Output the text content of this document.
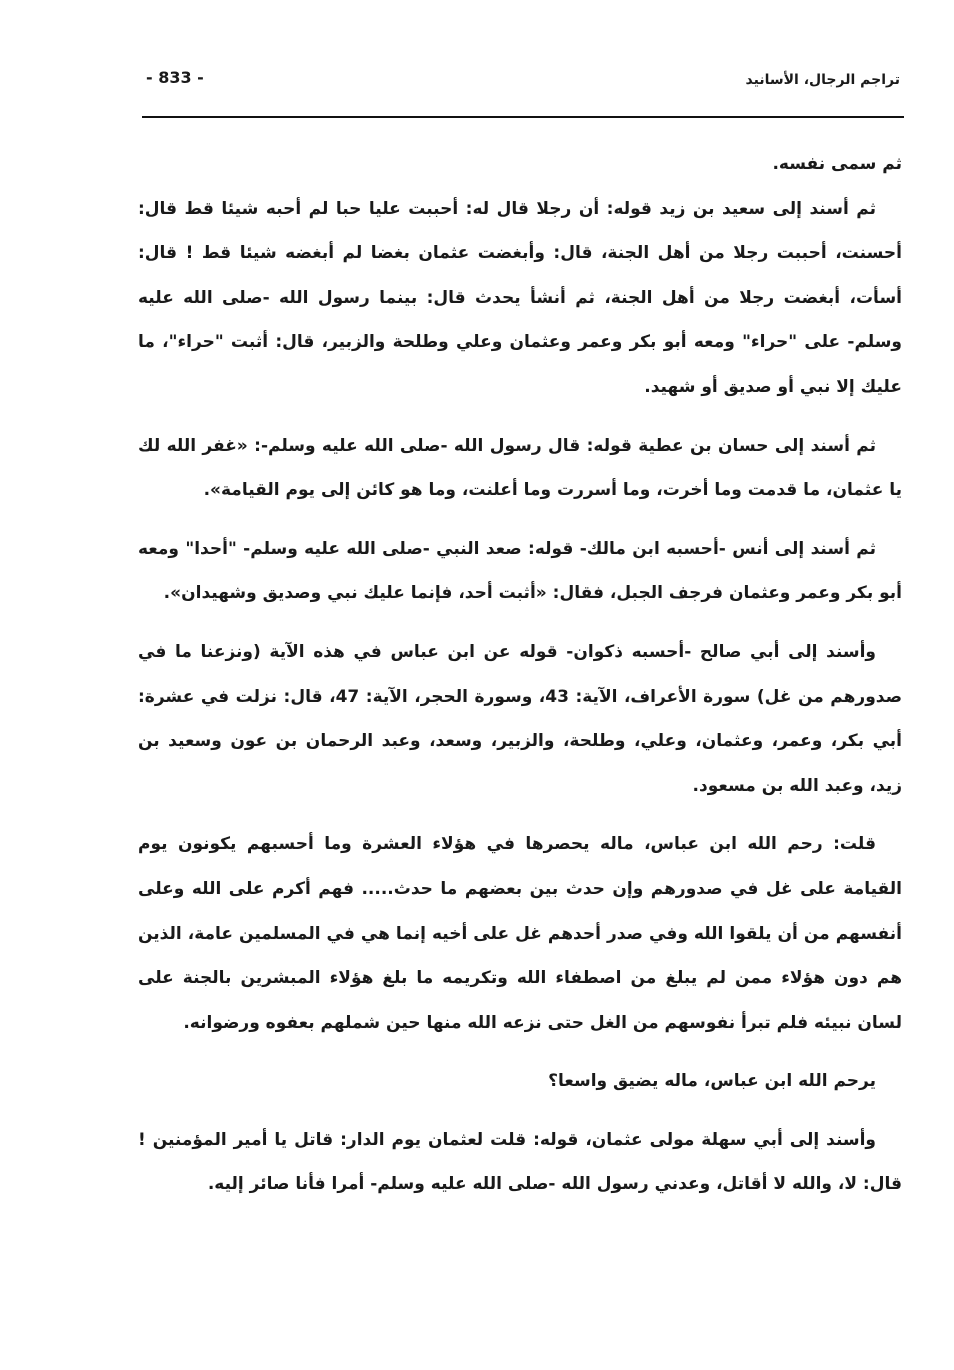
تراجم الرجال، الأسانيد
- 833 -

ثم سمى نفسه.

ثم أسند إلى سعيد بن زيد قوله: أن رجلا قال له: أحببت عليا حبا لم أحبه شيئا قط قال: أحسنت، أحببت رجلا من أهل الجنة، قال: وأبغضت عثمان بغضا لم أبغضه شيئا قط ! قال: أسأت، أبغضت رجلا من أهل الجنة، ثم أنشأ يحدث قال: بينما رسول الله -صلى الله عليه وسلم- على "حراء" ومعه أبو بكر وعمر وعثمان وعلي وطلحة والزبير، قال: أثبت "حراء"، ما عليك إلا نبي أو صديق أو شهيد.

ثم أسند إلى حسان بن عطية قوله: قال رسول الله -صلى الله عليه وسلم-: «غفر الله لك يا عثمان، ما قدمت وما أخرت، وما أسررت وما أعلنت، وما هو كائن إلى يوم القيامة».

ثم أسند إلى أنس -أحسبه ابن مالك- قوله: صعد النبي -صلى الله عليه وسلم- "أحدا" ومعه أبو بكر وعمر وعثمان فرجف الجبل، فقال: «أثبت أحد، فإنما عليك نبي وصديق وشهيدان».

وأسند إلى أبي صالح -أحسبه ذكوان- قوله عن ابن عباس في هذه الآية (ونزعنا ما في صدورهم من غل) سورة الأعراف، الآية: 43، وسورة الحجر، الآية: 47، قال: نزلت في عشرة: أبي بكر، وعمر، وعثمان، وعلي، وطلحة، والزبير، وسعد، وعبد الرحمان بن عون وسعيد بن زيد، وعبد الله بن مسعود.

قلت: رحم الله ابن عباس، ماله يحصرها في هؤلاء العشرة وما أحسبهم يكونون يوم القيامة على غل في صدورهم وإن حدث بين بعضهم ما حدث..... فهم أكرم على الله وعلى أنفسهم من أن يلقوا الله وفي صدر أحدهم غل على أخيه إنما هي في المسلمين عامة، الذين هم دون هؤلاء ممن لم يبلغ من اصطفاء الله وتكريمه ما بلغ هؤلاء المبشرين بالجنة على لسان نبيئه فلم تبرأ نفوسهم من الغل حتى نزعه الله منها حين شملهم بعفوه ورضوانه.

يرحم الله ابن عباس، ماله يضيق واسعا؟

وأسند إلى أبي سهلة مولى عثمان، قوله: قلت لعثمان يوم الدار: قاتل يا أمير المؤمنين ! قال: لا، والله لا أقاتل، وعدني رسول الله -صلى الله عليه وسلم- أمرا فأنا صائر إليه.
